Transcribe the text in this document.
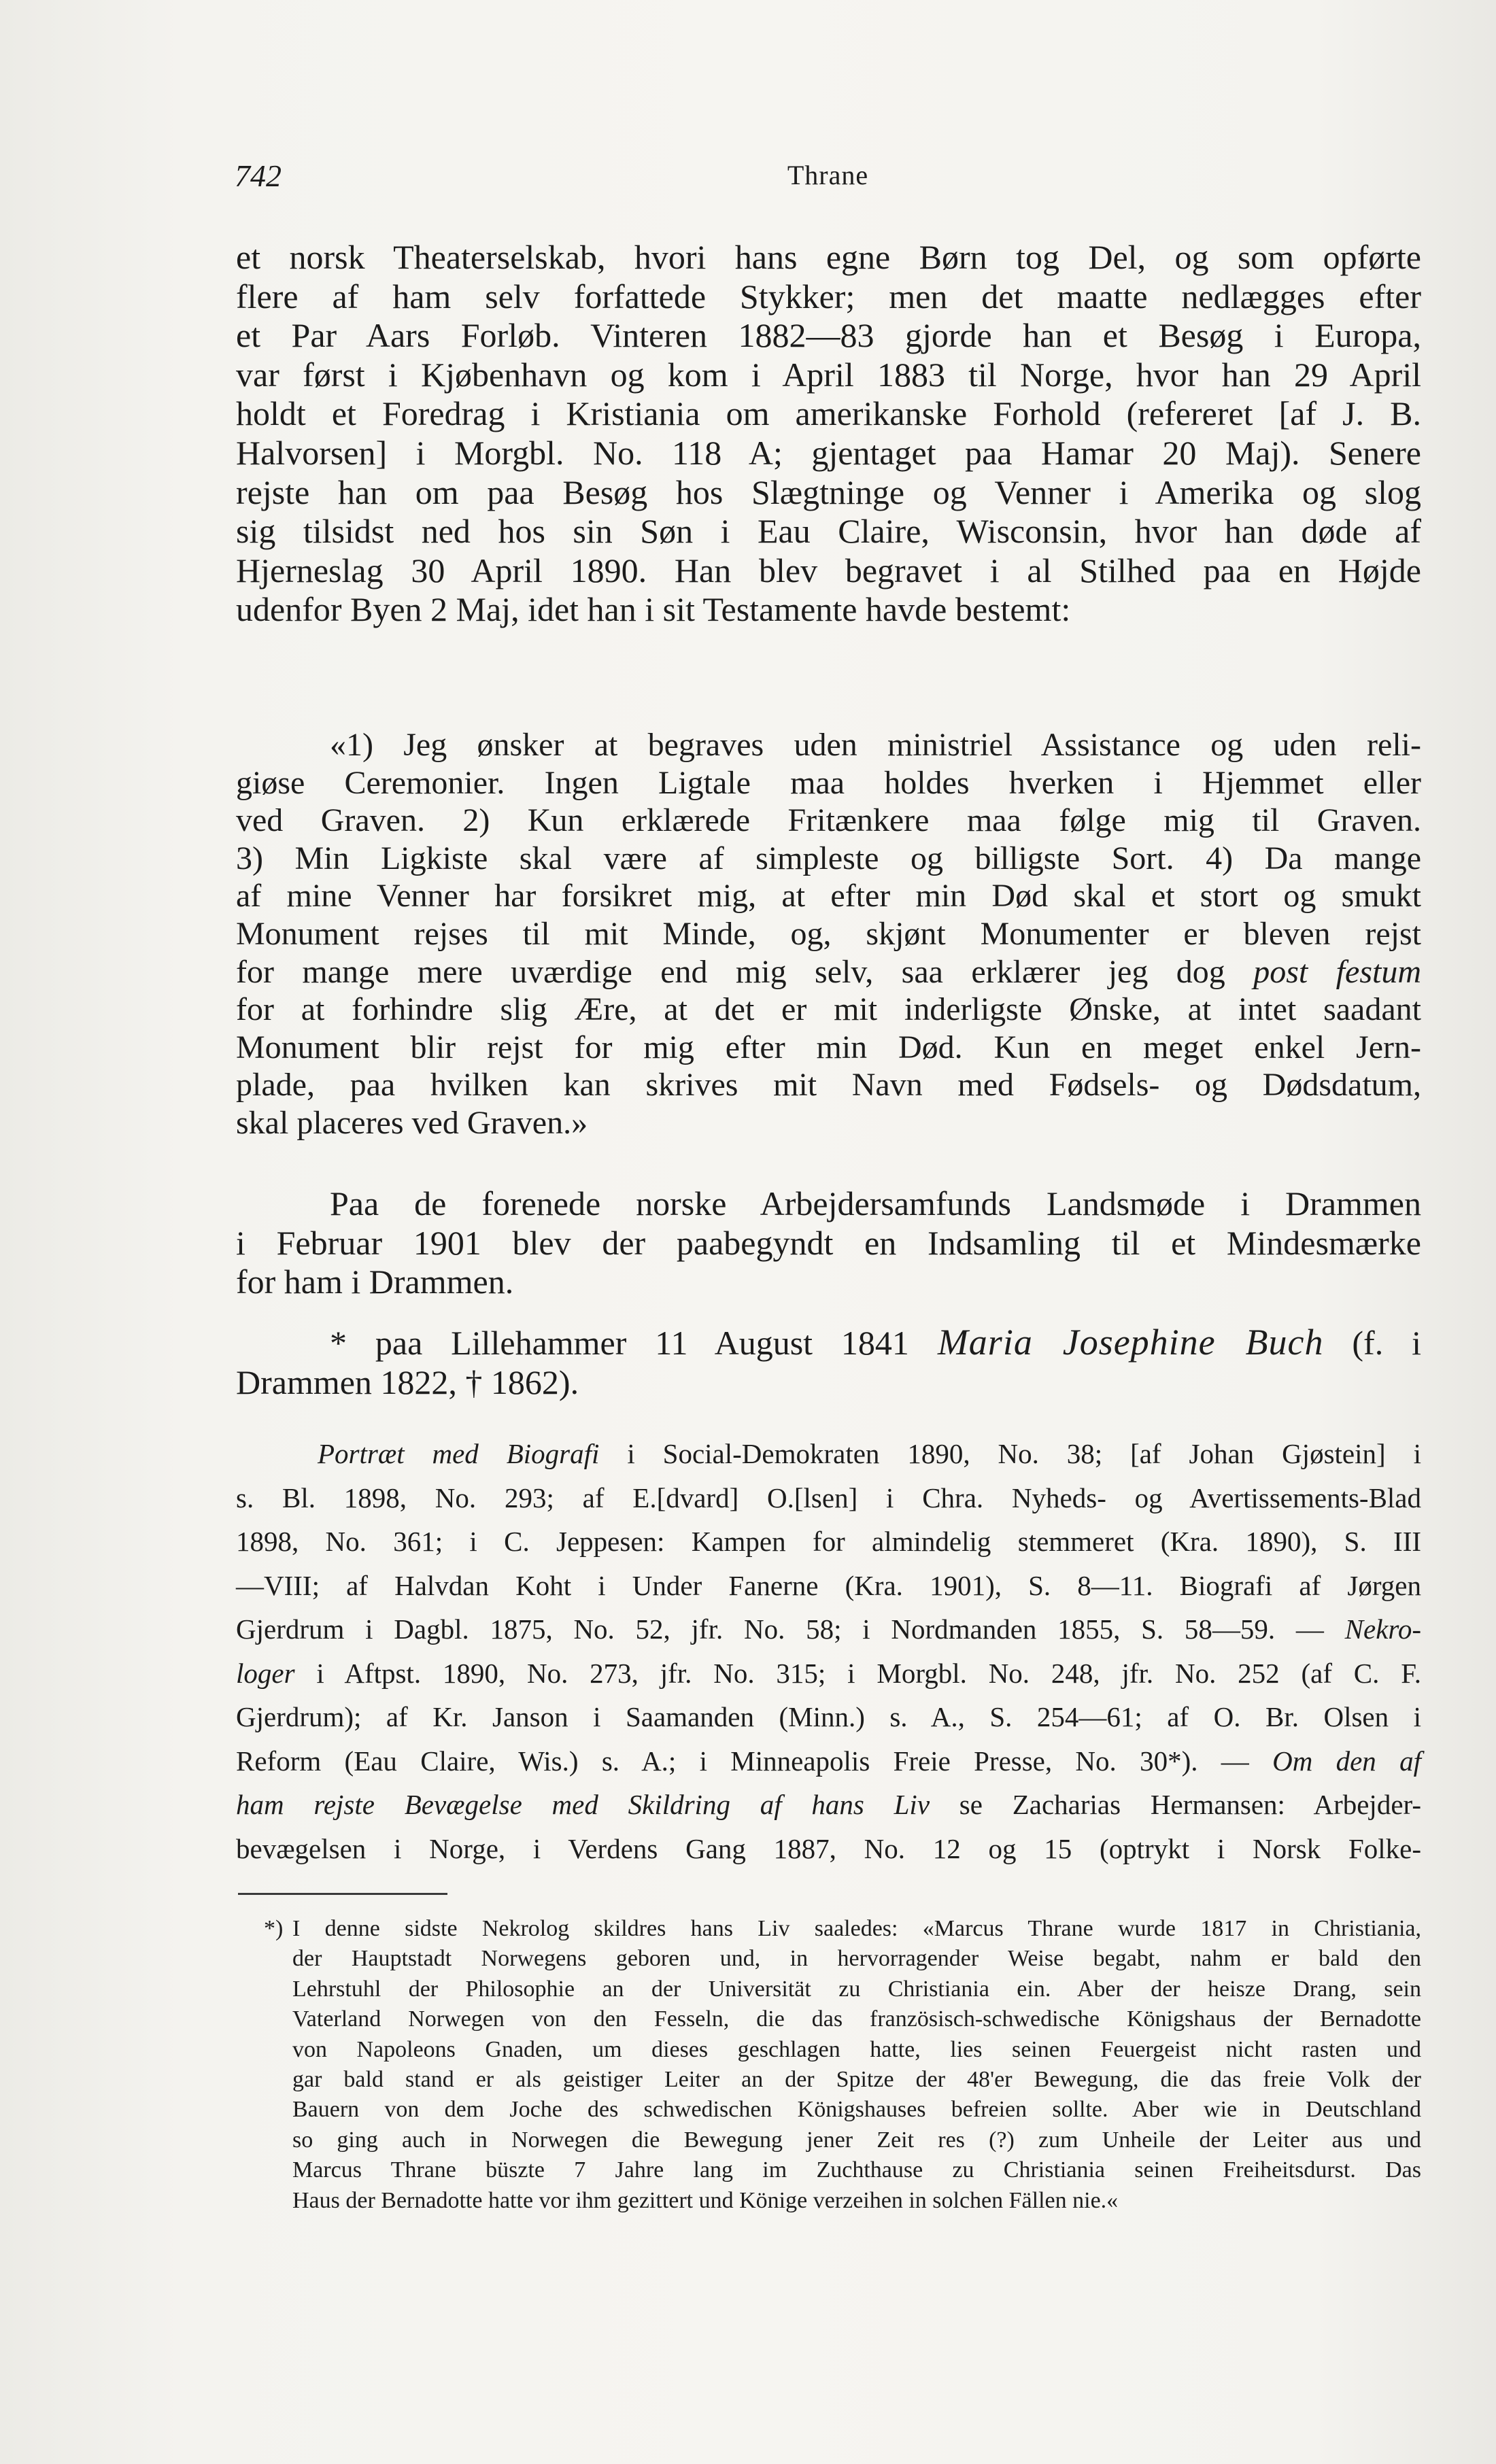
742	Thrane
et norsk Theaterselskab, hvori hans egne Børn tog Del, og som opførte
flere af ham selv forfattede Stykker; men det maatte nedlægges efter
et Par Aars Forløb. Vinteren 1882—83 gjorde han et Besøg i Europa,
var først i Kjøbenhavn og kom i April 1883 til Norge, hvor han 29 April
holdt et Foredrag i Kristiania om amerikanske Forhold (refereret [af J. B.
Halvorsen] i Morgbl. No. 118 A; gjentaget paa Hamar 20 Maj). Senere
rejste han om paa Besøg hos Slægtninge og Venner i Amerika og slog
sig tilsidst ned hos sin Søn i Eau Claire, Wisconsin, hvor han døde af
Hjerneslag 30 April 1890. Han blev begravet i al Stilhed paa en Højde
udenfor Byen 2 Maj, idet han i sit Testamente havde bestemt:
«1) Jeg ønsker at begraves uden ministriel Assistance og uden reli-
giøse Ceremonier. Ingen Ligtale maa holdes hverken i Hjemmet eller
ved Graven. 2) Kun erklærede Fritænkere maa følge mig til Graven.
3) Min Ligkiste skal være af simpleste og billigste Sort. 4) Da mange
af mine Venner har forsikret mig, at efter min Død skal et stort og smukt
Monument rejses til mit Minde, og, skjønt Monumenter er bleven rejst
for mange mere uværdige end mig selv, saa erklærer jeg dog post festum
for at forhindre slig Ære, at det er mit inderligste Ønske, at intet saadant
Monument blir rejst for mig efter min Død. Kun en meget enkel Jern-
plade, paa hvilken kan skrives mit Navn med Fødsels- og Dødsdatum,
skal placeres ved Graven.»
Paa de forenede norske Arbejdersamfunds Landsmøde i Drammen
i Februar 1901 blev der paabegyndt en Indsamling til et Mindesmærke
for ham i Drammen.
* paa Lillehammer 11 August 1841 Maria Josephine Buch (f. i
Drammen 1822, † 1862).
Portræt med Biografi i Social-Demokraten 1890, No. 38; [af Johan Gjøstein] i
s. Bl. 1898, No. 293; af E.[dvard] O.[lsen] i Chra. Nyheds- og Avertissements-Blad
1898, No. 361; i C. Jeppesen: Kampen for almindelig stemmeret (Kra. 1890), S. III
—VIII; af Halvdan Koht i Under Fanerne (Kra. 1901), S. 8—11. Biografi af Jørgen
Gjerdrum i Dagbl. 1875, No. 52, jfr. No. 58; i Nordmanden 1855, S. 58—59. — Nekro-
loger i Aftpst. 1890, No. 273, jfr. No. 315; i Morgbl. No. 248, jfr. No. 252 (af C. F.
Gjerdrum); af Kr. Janson i Saamanden (Minn.) s. A., S. 254—61; af O. Br. Olsen i
Reform (Eau Claire, Wis.) s. A.; i Minneapolis Freie Presse, No. 30*). — Om den af
ham rejste Bevægelse med Skildring af hans Liv se Zacharias Hermansen: Arbejder-
bevægelsen i Norge, i Verdens Gang 1887, No. 12 og 15 (optrykt i Norsk Folke-
*) I denne sidste Nekrolog skildres hans Liv saaledes: «Marcus Thrane wurde 1817 in Christiania,
der Hauptstadt Norwegens geboren und, in hervorragender Weise begabt, nahm er bald den
Lehrstuhl der Philosophie an der Universität zu Christiania ein. Aber der heisze Drang, sein
Vaterland Norwegen von den Fesseln, die das französisch-schwedische Königshaus der Bernadotte
von Napoleons Gnaden, um dieses geschlagen hatte, lies seinen Feuergeist nicht rasten und
gar bald stand er als geistiger Leiter an der Spitze der 48'er Bewegung, die das freie Volk der
Bauern von dem Joche des schwedischen Königshauses befreien sollte. Aber wie in Deutschland
so ging auch in Norwegen die Bewegung jener Zeit res (?) zum Unheile der Leiter aus und
Marcus Thrane büszte 7 Jahre lang im Zuchthause zu Christiania seinen Freiheitsdurst. Das
Haus der Bernadotte hatte vor ihm gezittert und Könige verzeihen in solchen Fällen nie.«
